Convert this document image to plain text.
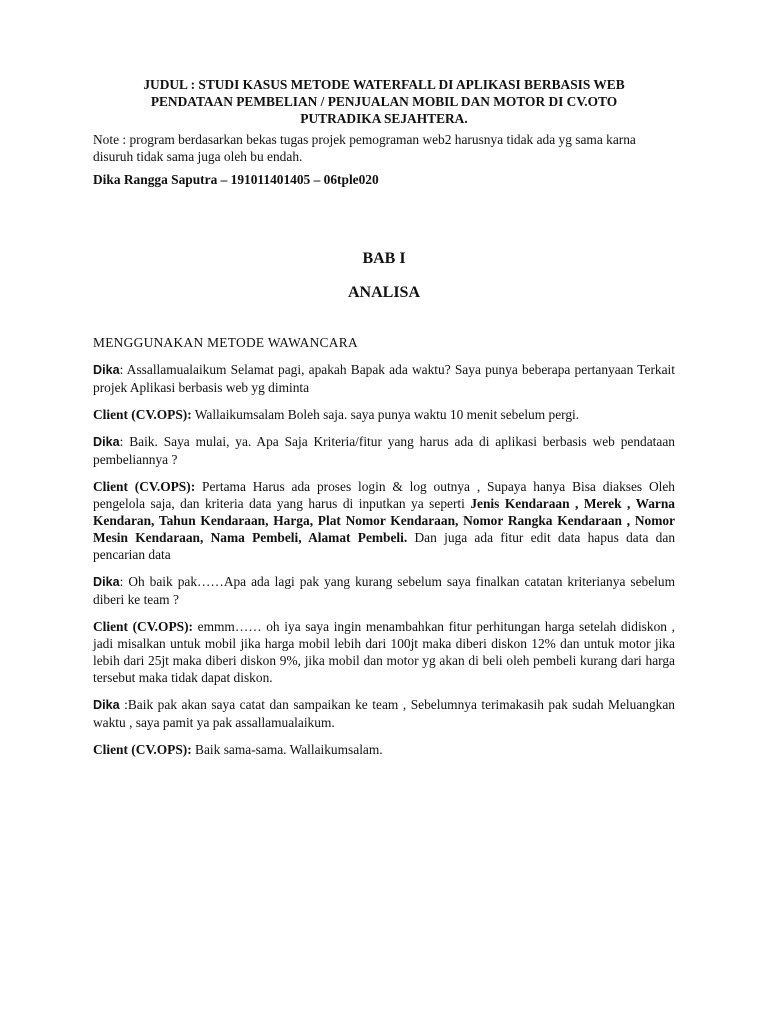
JUDUL : STUDI KASUS METODE WATERFALL DI APLIKASI BERBASIS WEB
PENDATAAN PEMBELIAN / PENJUALAN MOBIL DAN MOTOR DI CV.OTO
PUTRADIKA SEJAHTERA.

Note : program berdasarkan bekas tugas projek pemograman web2 harusnya tidak ada yg sama karna disuruh tidak sama juga oleh bu endah.

Dika Rangga Saputra – 191011401405 – 06tple020

BAB I
ANALISA
MENGGUNAKAN METODE WAWANCARA

Dika: Assallamualaikum Selamat pagi, apakah Bapak ada waktu? Saya punya beberapa pertanyaan Terkait projek Aplikasi berbasis web yg diminta

Client (CV.OPS): Wallaikumsalam Boleh saja. saya punya waktu 10 menit sebelum pergi.

Dika: Baik. Saya mulai, ya. Apa Saja Kriteria/fitur yang harus ada di aplikasi berbasis web pendataan pembeliannya ?

Client (CV.OPS): Pertama Harus ada proses login & log outnya , Supaya hanya Bisa diakses Oleh pengelola saja, dan kriteria data yang harus di inputkan ya seperti Jenis Kendaraan , Merek , Warna Kendaran, Tahun Kendaraan, Harga, Plat Nomor Kendaraan, Nomor Rangka Kendaraan , Nomor Mesin Kendaraan, Nama Pembeli, Alamat Pembeli. Dan juga ada fitur edit data hapus data dan pencarian data

Dika: Oh baik pak……Apa ada lagi pak yang kurang sebelum saya finalkan catatan kriterianya sebelum diberi ke team ?

Client (CV.OPS): emmm…… oh iya saya ingin menambahkan fitur perhitungan harga setelah didiskon , jadi misalkan untuk mobil jika harga mobil lebih dari 100jt maka diberi diskon 12% dan untuk motor jika lebih dari 25jt maka diberi diskon 9%, jika mobil dan motor yg akan di beli oleh pembeli kurang dari harga tersebut maka tidak dapat diskon.

Dika :Baik pak akan saya catat dan sampaikan ke team , Sebelumnya terimakasih pak sudah Meluangkan waktu , saya pamit ya pak assallamualaikum.

Client (CV.OPS): Baik sama-sama. Wallaikumsalam.
